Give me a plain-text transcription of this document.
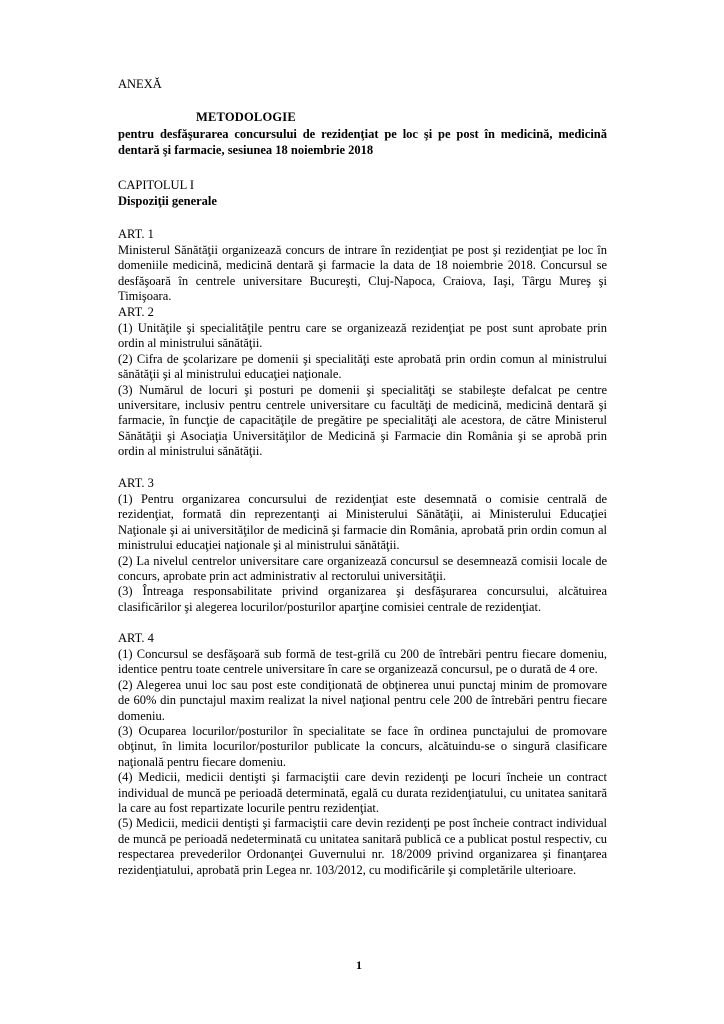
ANEXĂ
METODOLOGIE
pentru desfăşurarea concursului de rezidenţiat pe loc şi pe post în medicină, medicină dentară şi farmacie, sesiunea 18 noiembrie 2018
CAPITOLUL I
Dispoziţii generale
ART. 1

Ministerul Sănătăţii organizează concurs de intrare în rezidenţiat pe post şi rezidenţiat pe loc în domeniile medicină, medicină dentară şi farmacie la data de 18 noiembrie 2018. Concursul se desfăşoară în centrele universitare Bucureşti, Cluj-Napoca, Craiova, Iaşi, Târgu Mureş şi Timişoara.

ART. 2

(1) Unităţile şi specialităţile pentru care se organizează rezidenţiat pe post sunt aprobate prin ordin al ministrului sănătăţii.

(2) Cifra de şcolarizare pe domenii şi specialităţi este aprobată prin ordin comun al ministrului sănătăţii şi al ministrului educaţiei naţionale.

(3) Numărul de locuri şi posturi pe domenii şi specialităţi se stabileşte defalcat pe centre universitare, inclusiv pentru centrele universitare cu facultăţi de medicină, medicină dentară şi farmacie, în funcţie de capacităţile de pregătire pe specialităţi ale acestora, de către Ministerul Sănătăţii şi Asociaţia Universităţilor de Medicină şi Farmacie din România şi se aprobă prin ordin al ministrului sănătăţii.

ART. 3

(1) Pentru organizarea concursului de rezidenţiat este desemnată o comisie centrală de rezidenţiat, formată din reprezentanţi ai Ministerului Sănătăţii, ai Ministerului Educaţiei Naţionale şi ai universităţilor de medicină şi farmacie din România, aprobată prin ordin comun al ministrului educaţiei naţionale şi al ministrului sănătăţii.

(2) La nivelul centrelor universitare care organizează concursul se desemnează comisii locale de concurs, aprobate prin act administrativ al rectorului universităţii.

(3) Întreaga responsabilitate privind organizarea şi desfăşurarea concursului, alcătuirea clasificărilor şi alegerea locurilor/posturilor aparţine comisiei centrale de rezidenţiat.

ART. 4

(1) Concursul se desfăşoară sub formă de test-grilă cu 200 de întrebări pentru fiecare domeniu, identice pentru toate centrele universitare în care se organizează concursul, pe o durată de 4 ore.

(2) Alegerea unui loc sau post este condiţionată de obţinerea unui punctaj minim de promovare de 60% din punctajul maxim realizat la nivel naţional pentru cele 200 de întrebări pentru fiecare domeniu.

(3) Ocuparea locurilor/posturilor în specialitate se face în ordinea punctajului de promovare obţinut, în limita locurilor/posturilor publicate la concurs, alcătuindu-se o singură clasificare naţională pentru fiecare domeniu.

(4) Medicii, medicii dentişti şi farmaciştii care devin rezidenţi pe locuri încheie un contract individual de muncă pe perioadă determinată, egală cu durata rezidenţiatului, cu unitatea sanitară la care au fost repartizate locurile pentru rezidenţiat.

(5) Medicii, medicii dentişti şi farmaciştii care devin rezidenţi pe post încheie contract individual de muncă pe perioadă nedeterminată cu unitatea sanitară publică ce a publicat postul respectiv, cu respectarea prevederilor Ordonanţei Guvernului nr. 18/2009 privind organizarea şi finanţarea rezidenţiatului, aprobată prin Legea nr. 103/2012, cu modificările şi completările ulterioare.

1
